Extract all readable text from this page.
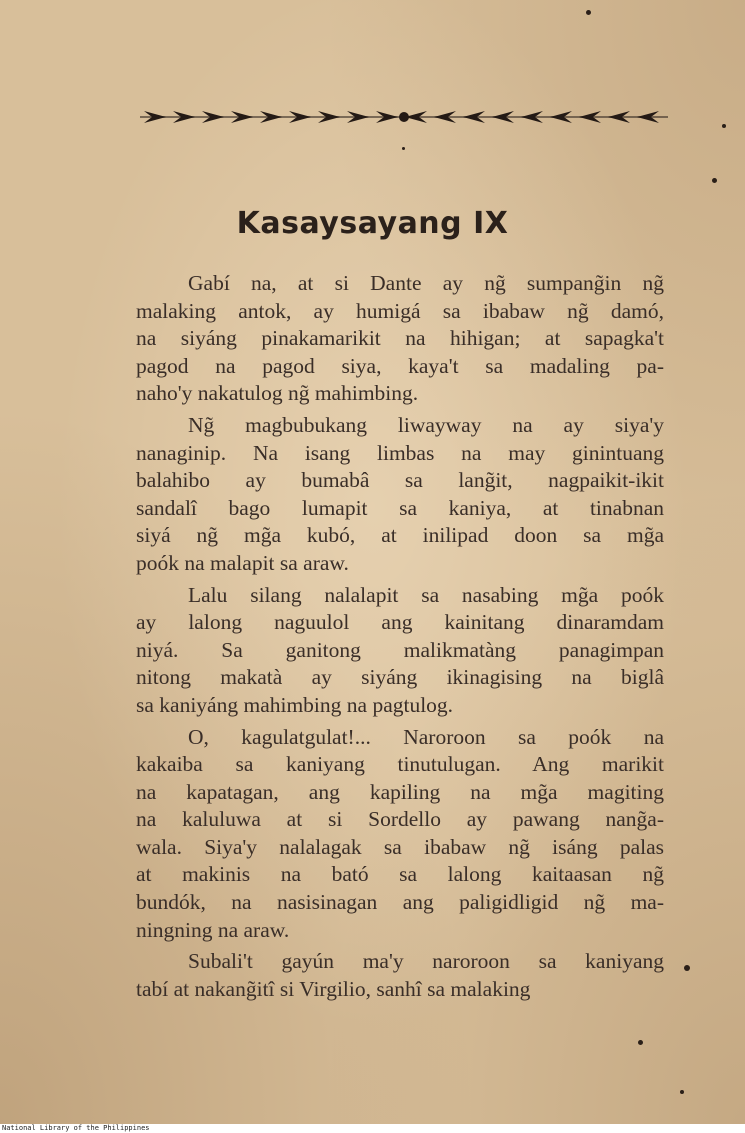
Kasaysayang IX
Gabí na, at si Dante ay ng̃ sumpang̃in ng̃
malaking antok, ay humigá sa ibabaw ng̃ damó,
na siyáng pinakamarikit na hihigan; at sapagka't
pagod na pagod siya, kaya't sa madaling pa-
naho'y nakatulog ng̃ mahimbing.
Ng̃ magbubukang liwayway na ay siya'y
nanaginip. Na isang limbas na may ginintuang
balahibo ay bumabâ sa lang̃it, nagpaikit-ikit
sandalî bago lumapit sa kaniya, at tinabnan
siyá ng̃ mg̃a kubó, at inilipad doon sa mg̃a
poók na malapit sa araw.
Lalu silang nalalapit sa nasabing mg̃a poók
ay lalong naguulol ang kainitang dinaramdam
niyá. Sa ganitong malikmatàng panagimpan
nitong makatà ay siyáng ikinagising na biglâ
sa kaniyáng mahimbing na pagtulog.
O, kagulatgulat!... Naroroon sa poók na
kakaiba sa kaniyang tinutulugan. Ang marikit
na kapatagan, ang kapiling na mg̃a magiting
na kaluluwa at si Sordello ay pawang nang̃a-
wala. Siya'y nalalagak sa ibabaw ng̃ isáng palas
at makinis na bató sa lalong kaitaasan ng̃
bundók, na nasisinagan ang paligidligid ng̃ ma-
ningning na araw.
Subali't gayún ma'y naroroon sa kaniyang
tabí at nakang̃itî si Virgilio, sanhî sa malaking
National Library of the Philippines
